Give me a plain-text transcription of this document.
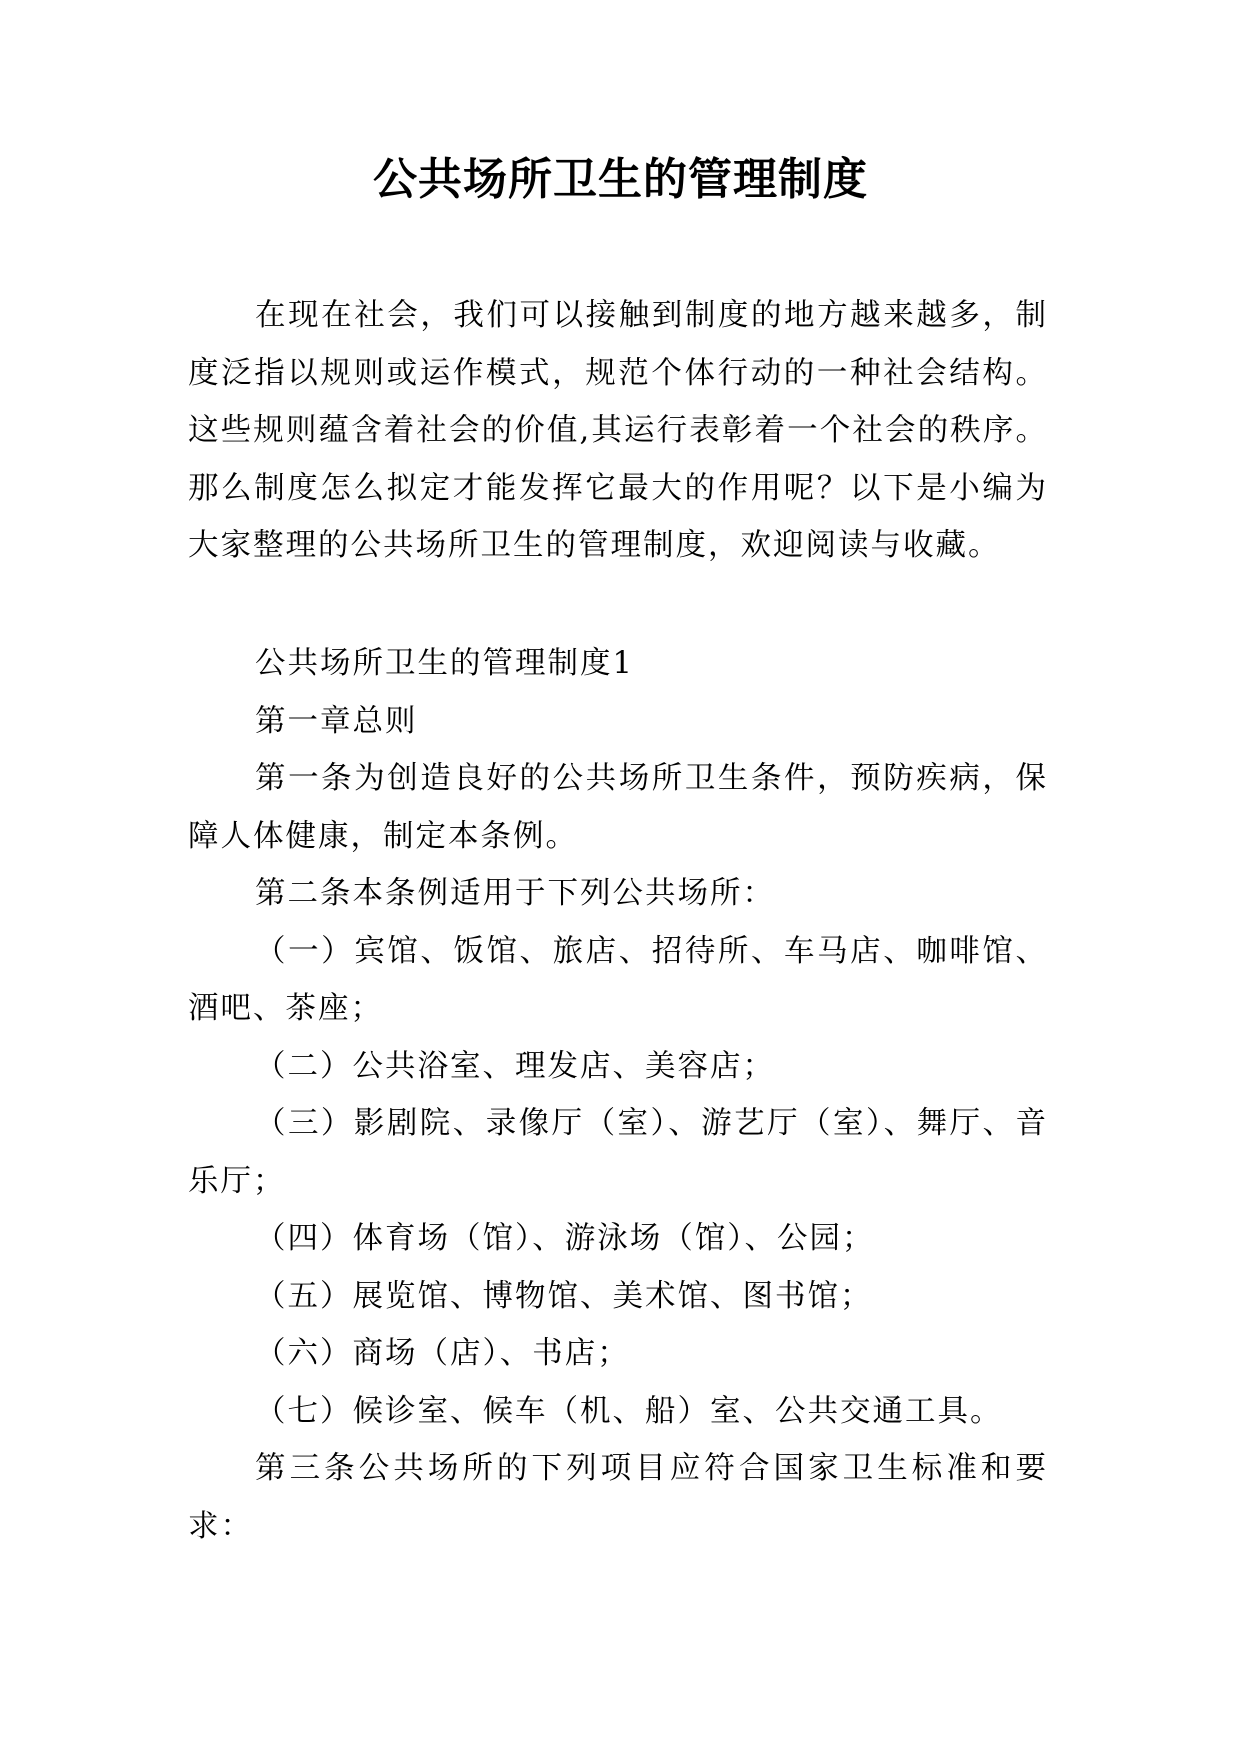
公共场所卫生的管理制度

在现在社会，我们可以接触到制度的地方越来越多，制度泛指以规则或运作模式，规范个体行动的一种社会结构。这些规则蕴含着社会的价值,其运行表彰着一个社会的秩序。那么制度怎么拟定才能发挥它最大的作用呢？以下是小编为大家整理的公共场所卫生的管理制度，欢迎阅读与收藏。

公共场所卫生的管理制度1

第一章总则

第一条为创造良好的公共场所卫生条件，预防疾病，保障人体健康，制定本条例。

第二条本条例适用于下列公共场所：

（一）宾馆、饭馆、旅店、招待所、车马店、咖啡馆、酒吧、茶座；

（二）公共浴室、理发店、美容店；

（三）影剧院、录像厅（室）、游艺厅（室）、舞厅、音乐厅；

（四）体育场（馆）、游泳场（馆）、公园；

（五）展览馆、博物馆、美术馆、图书馆；

（六）商场（店）、书店；

（七）候诊室、候车（机、船）室、公共交通工具。

第三条公共场所的下列项目应符合国家卫生标准和要求：
